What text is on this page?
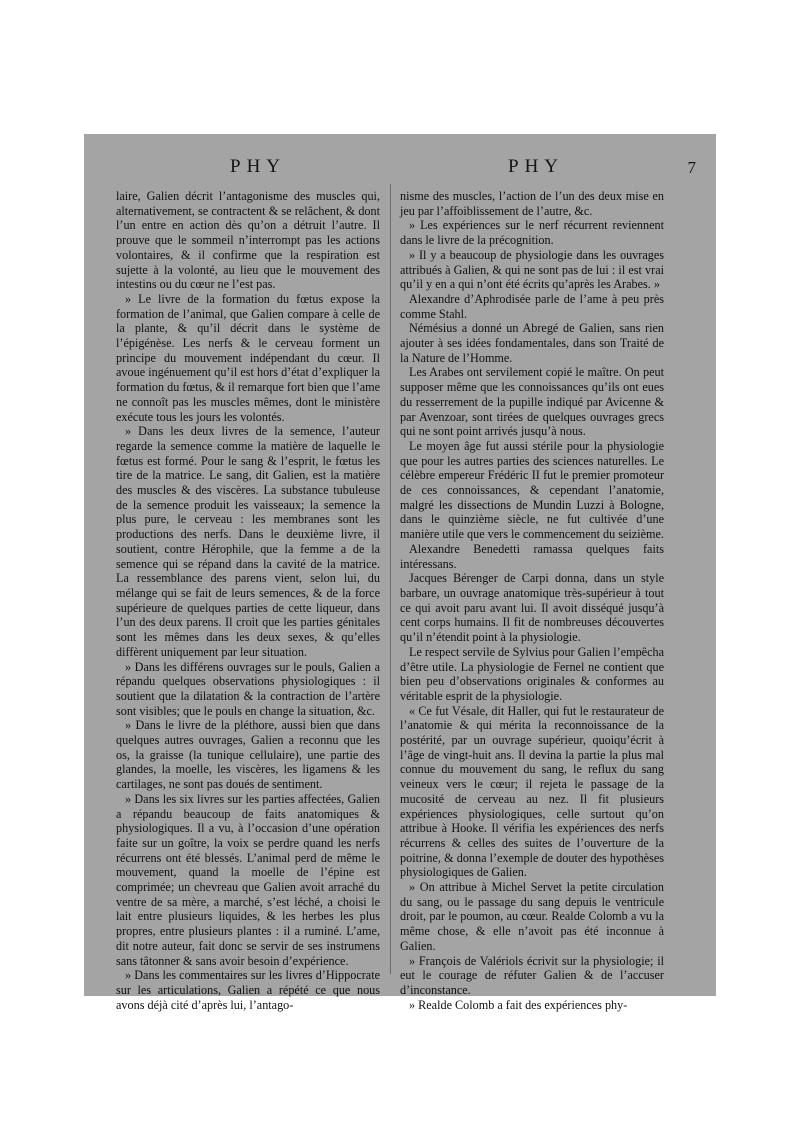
PHY	PHY	7

laire, Galien décrit l’antagonisme des muscles qui, alternativement, se contractent & se relâchent, & dont l’un entre en action dès qu’on a détruit l’autre. Il prouve que le sommeil n’interrompt pas les actions volontaires, & il confirme que la respiration est sujette à la volonté, au lieu que le mouvement des intestins ou du cœur ne l’est pas.

» Le livre de la formation du fœtus expose la formation de l’animal, que Galien compare à celle de la plante, & qu’il décrit dans le système de l’épigénèse. Les nerfs & le cerveau forment un principe du mouvement indépendant du cœur. Il avoue ingénuement qu’il est hors d’état d’expliquer la formation du fœtus, & il remarque fort bien que l’ame ne connoît pas les muscles mêmes, dont le ministère exécute tous les jours les volontés.

» Dans les deux livres de la semence, l’auteur regarde la semence comme la matière de laquelle le fœtus est formé. Pour le sang & l’esprit, le fœtus les tire de la matrice. Le sang, dit Galien, est la matière des muscles & des viscères. La substance tubuleuse de la semence produit les vaisseaux; la semence la plus pure, le cerveau : les membranes sont les productions des nerfs. Dans le deuxième livre, il soutient, contre Hérophile, que la femme a de la semence qui se répand dans la cavité de la matrice. La ressemblance des parens vient, selon lui, du mélange qui se fait de leurs semences, & de la force supérieure de quelques parties de cette liqueur, dans l’un des deux parens. Il croit que les parties génitales sont les mêmes dans les deux sexes, & qu’elles diffèrent uniquement par leur situation.

» Dans les différens ouvrages sur le pouls, Galien a répandu quelques observations physiologiques : il soutient que la dilatation & la contraction de l’artère sont visibles; que le pouls en change la situation, &c.

» Dans le livre de la pléthore, aussi bien que dans quelques autres ouvrages, Galien a reconnu que les os, la graisse (la tunique cellulaire), une partie des glandes, la moelle, les viscères, les ligamens & les cartilages, ne sont pas doués de sentiment.

» Dans les six livres sur les parties affectées, Galien a répandu beaucoup de faits anatomiques & physiologiques. Il a vu, à l’occasion d’une opération faite sur un goître, la voix se perdre quand les nerfs récurrens ont été blessés. L’animal perd de même le mouvement, quand la moelle de l’épine est comprimée; un chevreau que Galien avoit arraché du ventre de sa mère, a marché, s’est léché, a choisi le lait entre plusieurs liquides, & les herbes les plus propres, entre plusieurs plantes : il a ruminé. L’ame, dit notre auteur, fait donc se servir de ses instrumens sans tâtonner & sans avoir besoin d’expérience.

» Dans les commentaires sur les livres d’Hippocrate sur les articulations, Galien a répété ce que nous avons déjà cité d’après lui, l’antago-

nisme des muscles, l’action de l’un des deux mise en jeu par l’affoiblissement de l’autre, &c.

» Les expériences sur le nerf récurrent reviennent dans le livre de la précognition.

» Il y a beaucoup de physiologie dans les ouvrages attribués à Galien, & qui ne sont pas de lui : il est vrai qu’il y en a qui n’ont été écrits qu’après les Arabes. »

Alexandre d’Aphrodisée parle de l’ame à peu près comme Stahl.

Némésius a donné un Abregé de Galien, sans rien ajouter à ses idées fondamentales, dans son Traité de la Nature de l’Homme.

Les Arabes ont servilement copié le maître. On peut supposer même que les connoissances qu’ils ont eues du resserrement de la pupille indiqué par Avicenne & par Avenzoar, sont tirées de quelques ouvrages grecs qui ne sont point arrivés jusqu’à nous.

Le moyen âge fut aussi stérile pour la physiologie que pour les autres parties des sciences naturelles. Le célèbre empereur Frédéric II fut le premier promoteur de ces connoissances, & cependant l’anatomie, malgré les dissections de Mundin Luzzi à Bologne, dans le quinzième siècle, ne fut cultivée d’une manière utile que vers le commencement du seizième.

Alexandre Benedetti ramassa quelques faits intéressans.

Jacques Bérenger de Carpi donna, dans un style barbare, un ouvrage anatomique très-supérieur à tout ce qui avoit paru avant lui. Il avoit disséqué jusqu’à cent corps humains. Il fit de nombreuses découvertes qu’il n’étendit point à la physiologie.

Le respect servile de Sylvius pour Galien l’empêcha d’être utile. La physiologie de Fernel ne contient que bien peu d’observations originales & conformes au véritable esprit de la physiologie.

« Ce fut Vésale, dit Haller, qui fut le restaurateur de l’anatomie & qui mérita la reconnoissance de la postérité, par un ouvrage supérieur, quoiqu’écrit à l’âge de vingt-huit ans. Il devina la partie la plus mal connue du mouvement du sang, le reflux du sang veineux vers le cœur; il rejeta le passage de la mucosité de cerveau au nez. Il fit plusieurs expériences physiologiques, celle surtout qu’on attribue à Hooke. Il vérifia les expériences des nerfs récurrens & celles des suites de l’ouverture de la poitrine, & donna l’exemple de douter des hypothèses physiologiques de Galien.

» On attribue à Michel Servet la petite circulation du sang, ou le passage du sang depuis le ventricule droit, par le poumon, au cœur. Realde Colomb a vu la même chose, & elle n’avoit pas été inconnue à Galien.

» François de Valériols écrivit sur la physiologie; il eut le courage de réfuter Galien & de l’accuser d’inconstance.

» Realde Colomb a fait des expériences phy-
